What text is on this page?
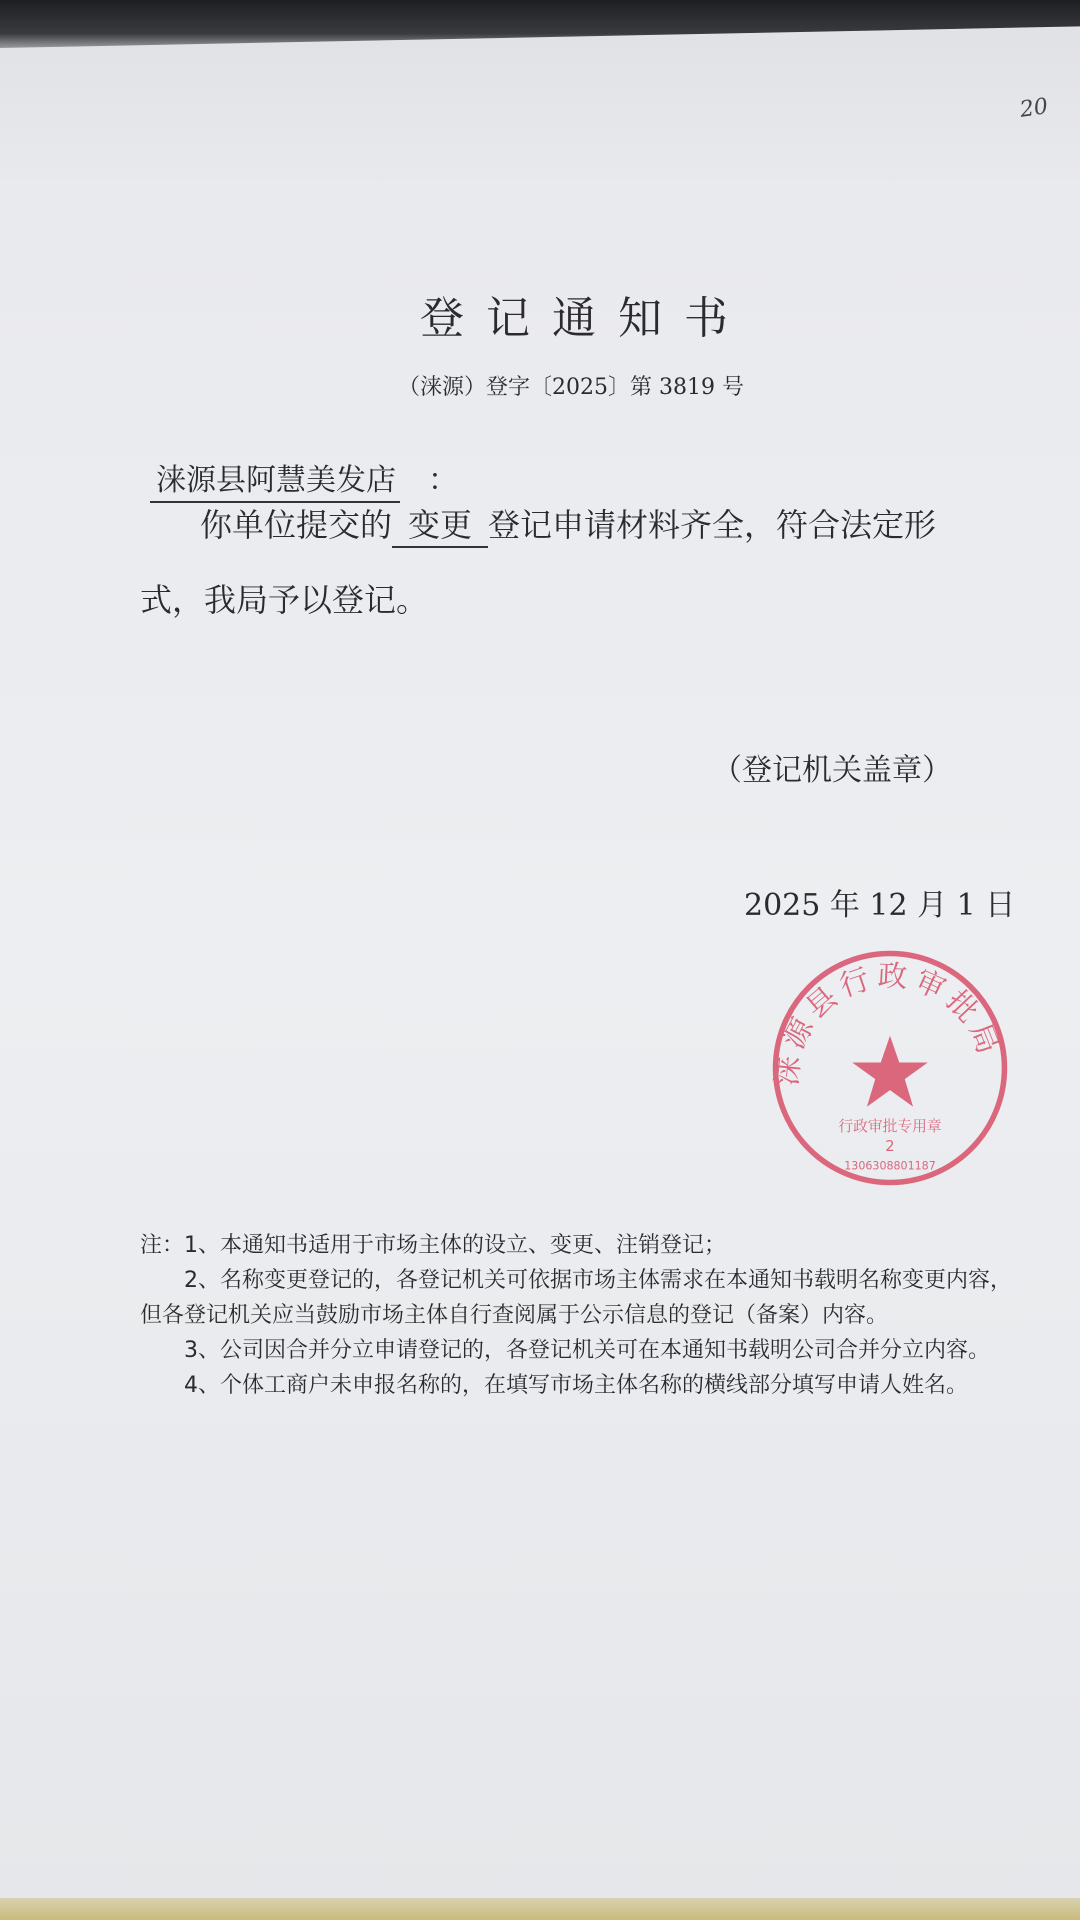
20
登记通知书
（涞源）登字〔2025〕第 3819 号
涞源县阿慧美发店 ：
你单位提交的 变更 登记申请材料齐全，符合法定形
式，我局予以登记。
（登记机关盖章）
2025 年 12 月 1 日
涞源县行政审批局
行政审批专用章
2
1306308801187
注：1、本通知书适用于市场主体的设立、变更、注销登记；
2、名称变更登记的，各登记机关可依据市场主体需求在本通知书载明名称变更内容，
但各登记机关应当鼓励市场主体自行查阅属于公示信息的登记（备案）内容。
3、公司因合并分立申请登记的，各登记机关可在本通知书载明公司合并分立内容。
4、个体工商户未申报名称的，在填写市场主体名称的横线部分填写申请人姓名。
